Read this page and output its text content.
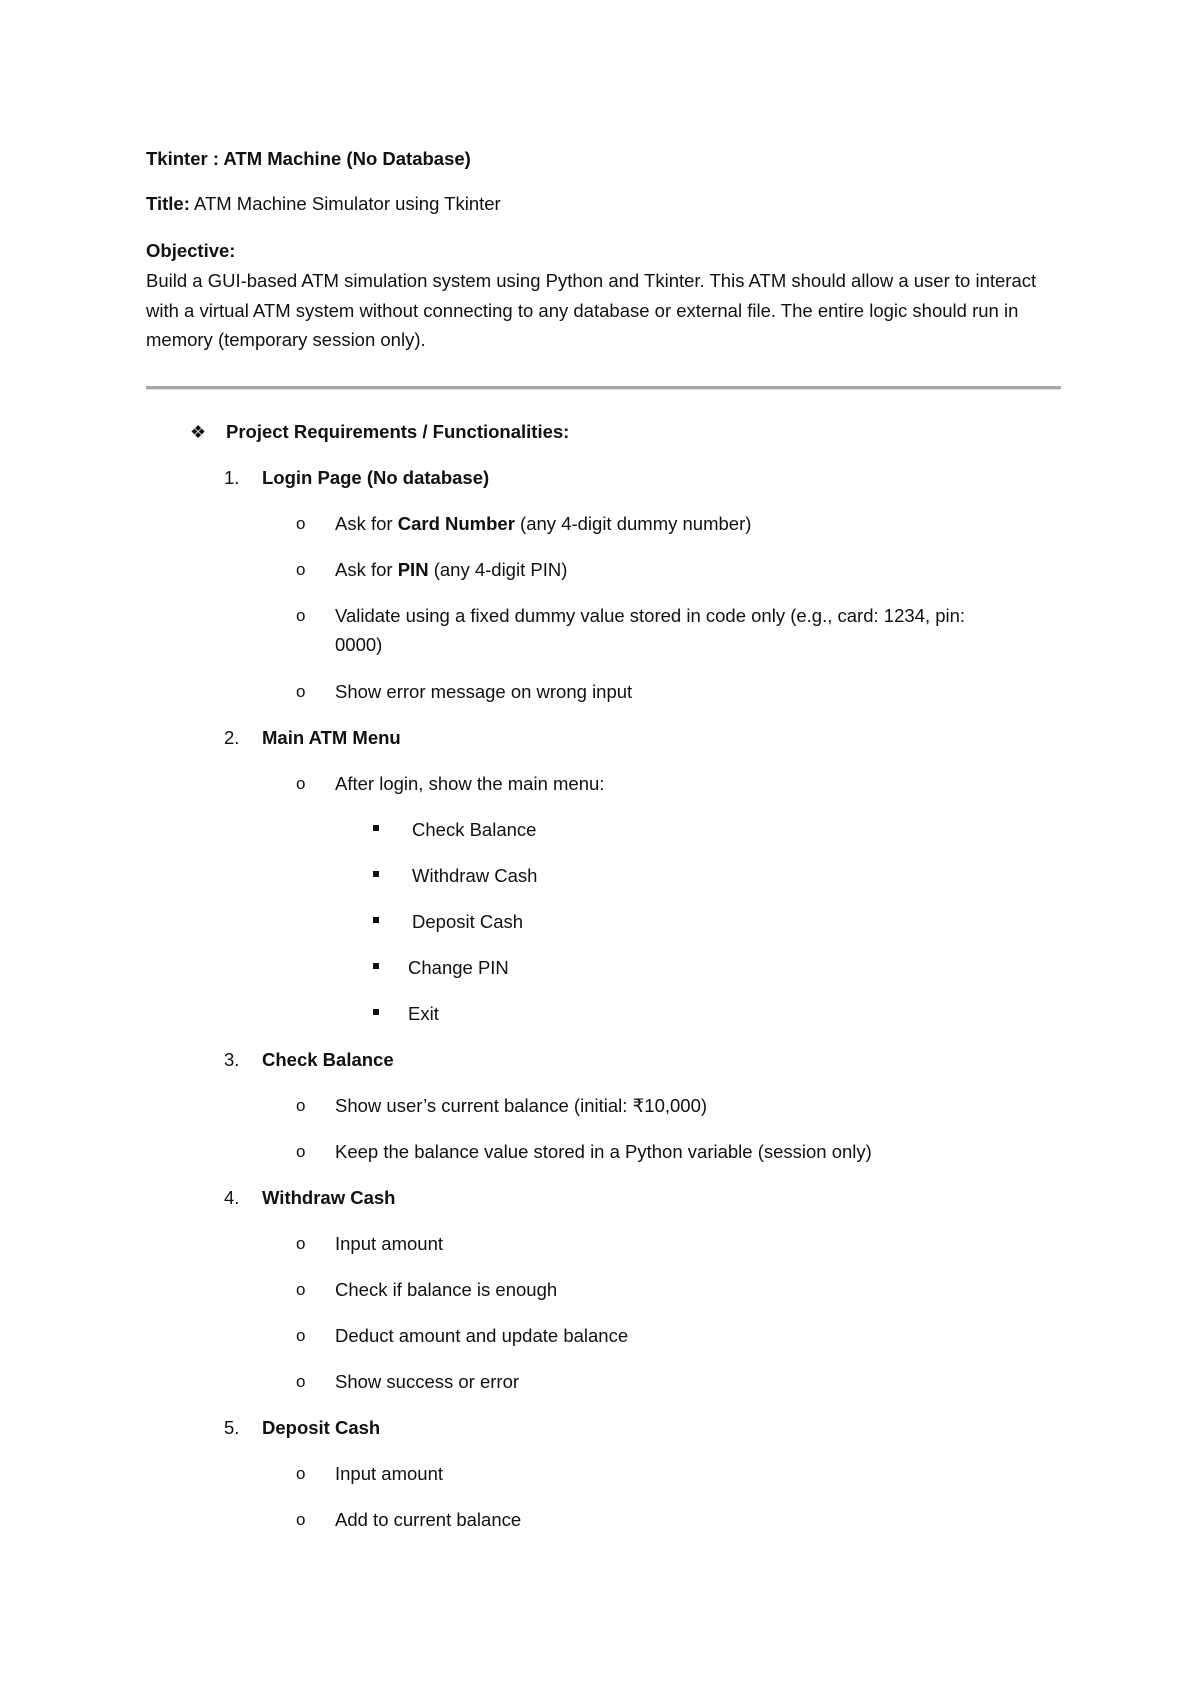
Tkinter : ATM Machine (No Database)
Title: ATM Machine Simulator using Tkinter
Objective:
Build a GUI-based ATM simulation system using Python and Tkinter. This ATM should allow a user to interact with a virtual ATM system without connecting to any database or external file. The entire logic should run in memory (temporary session only).
❖ Project Requirements / Functionalities:
1. Login Page (No database)
o Ask for Card Number (any 4-digit dummy number)
o Ask for PIN (any 4-digit PIN)
o Validate using a fixed dummy value stored in code only (e.g., card: 1234, pin:
0000)
o Show error message on wrong input
2. Main ATM Menu
o After login, show the main menu:
Check Balance
Withdraw Cash
Deposit Cash
Change PIN
Exit
3. Check Balance
o Show user’s current balance (initial: ₹10,000)
o Keep the balance value stored in a Python variable (session only)
4. Withdraw Cash
o Input amount
o Check if balance is enough
o Deduct amount and update balance
o Show success or error
5. Deposit Cash
o Input amount
o Add to current balance
